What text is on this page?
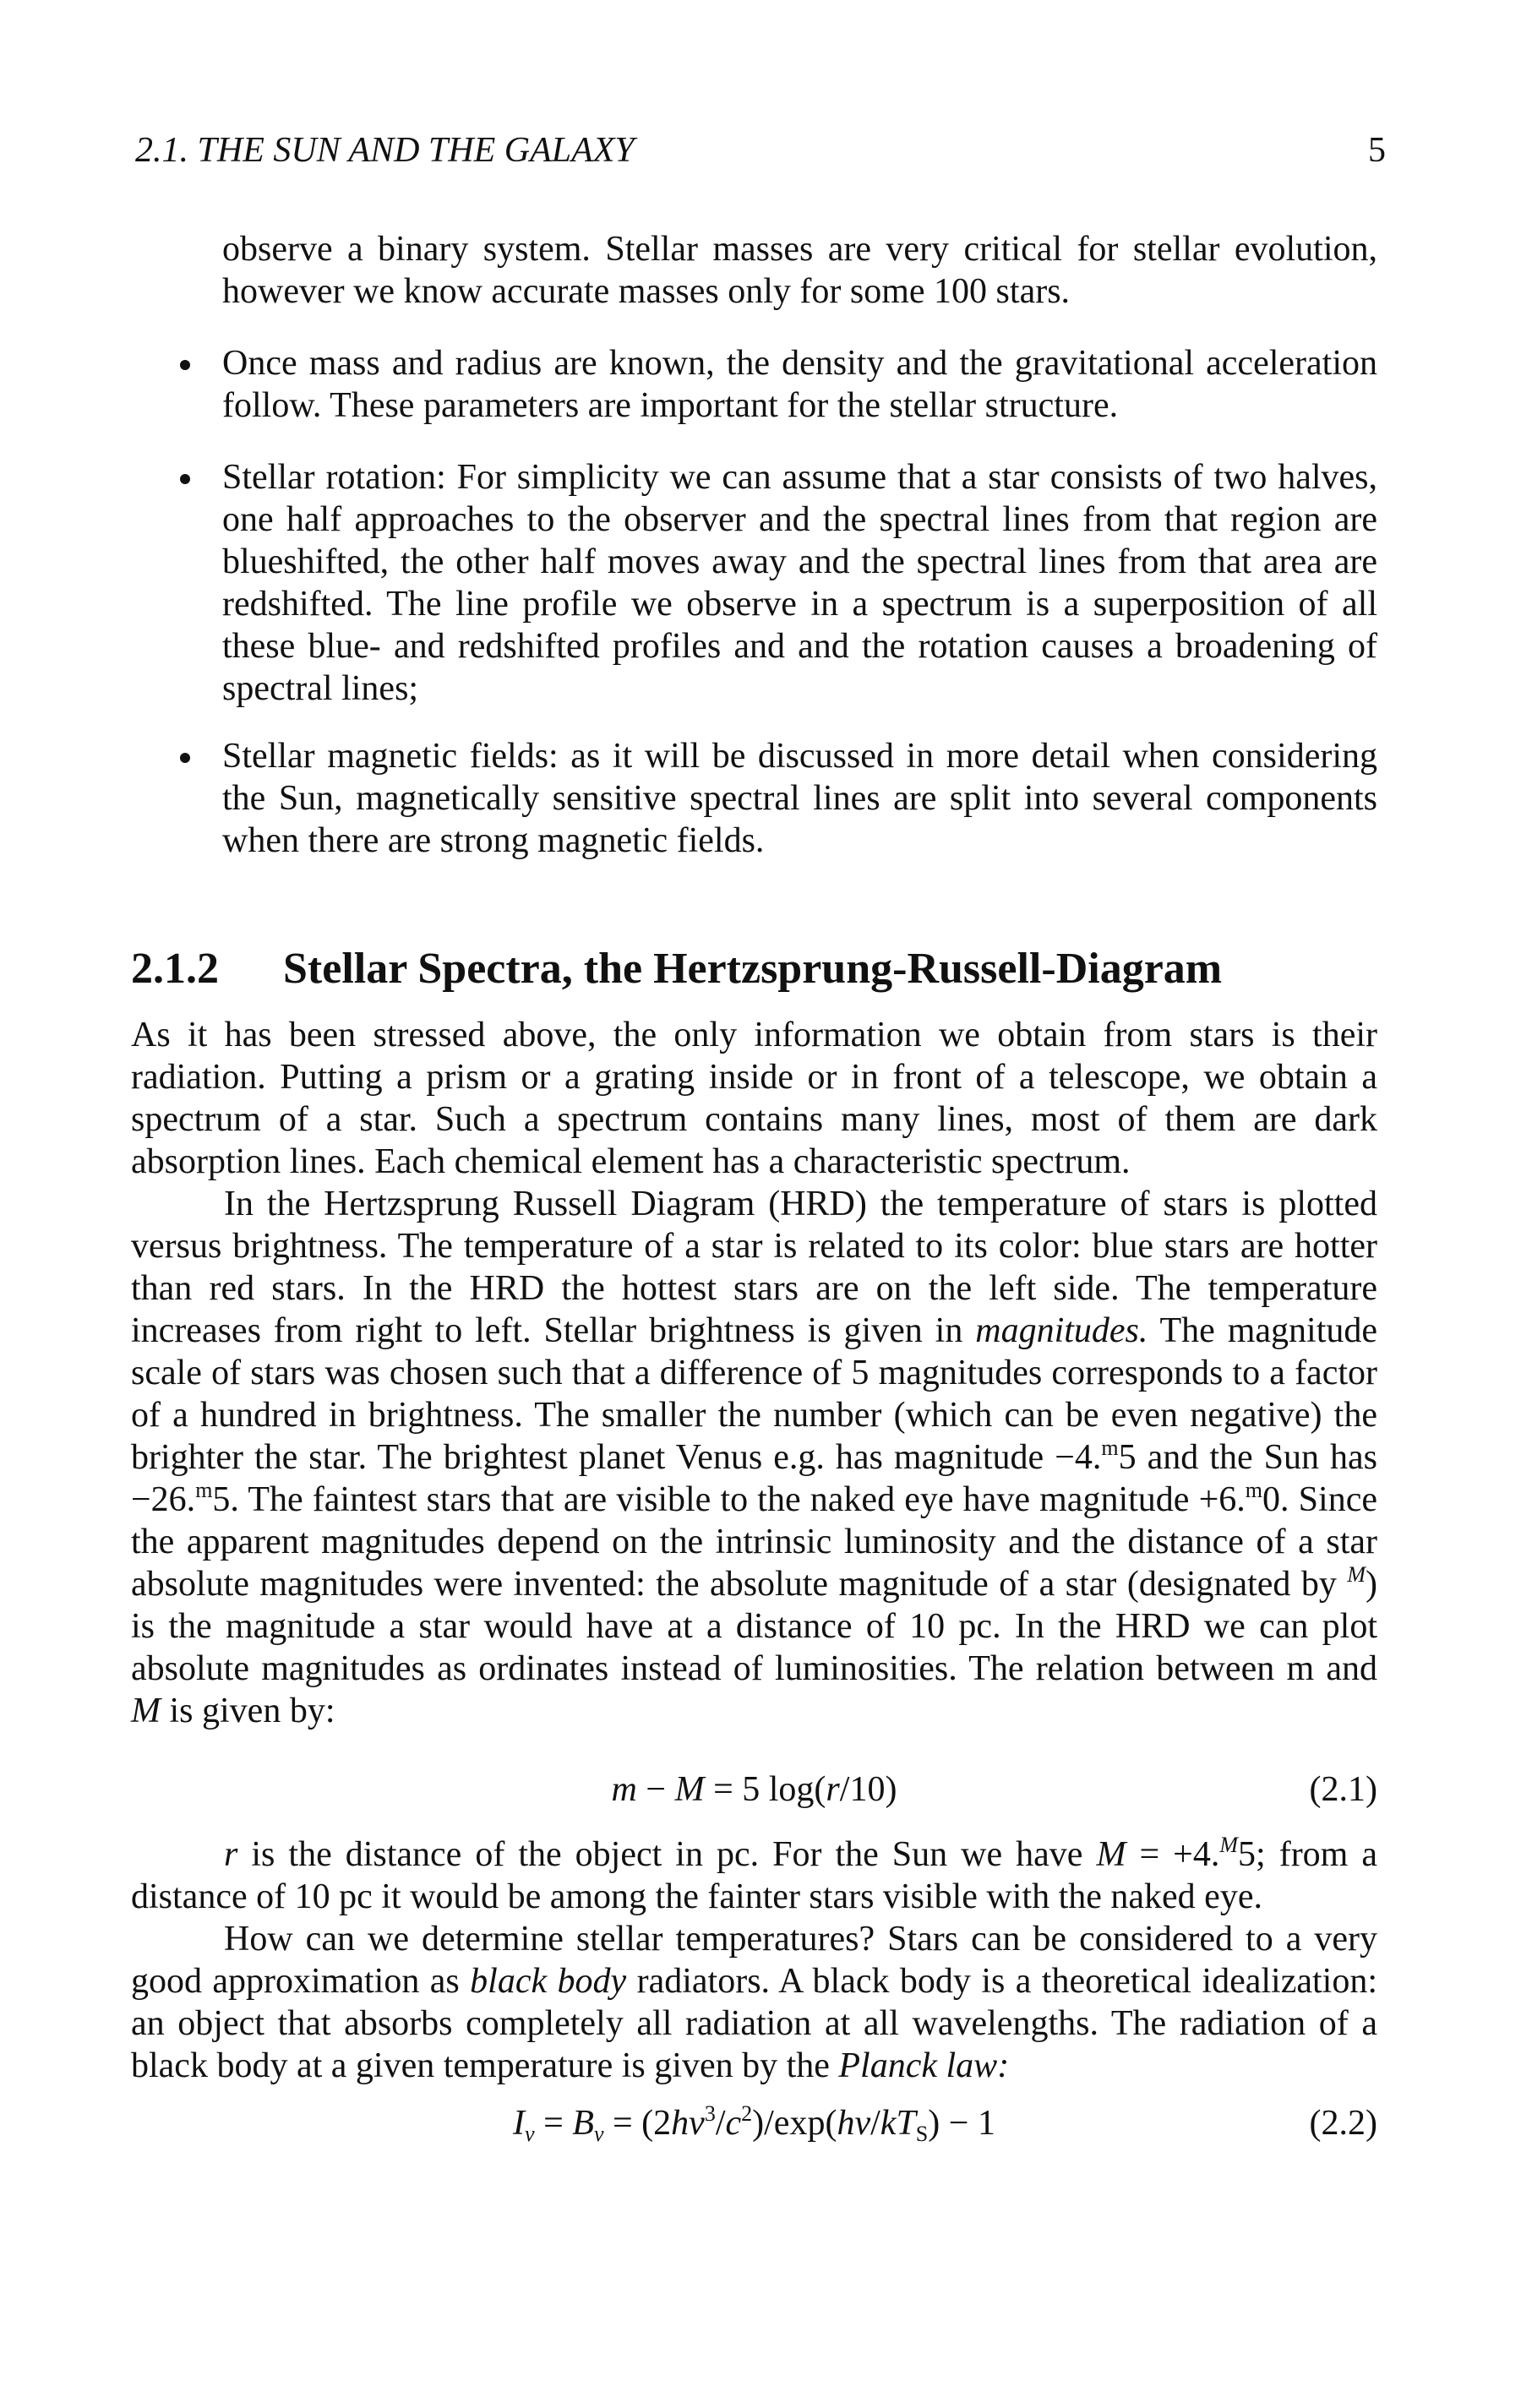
2.1. THE SUN AND THE GALAXY	5
observe a binary system. Stellar masses are very critical for stellar evolution, however we know accurate masses only for some 100 stars.
Once mass and radius are known, the density and the gravitational acceleration follow. These parameters are important for the stellar structure.
Stellar rotation: For simplicity we can assume that a star consists of two halves, one half approaches to the observer and the spectral lines from that region are blueshifted, the other half moves away and the spectral lines from that area are redshifted. The line profile we observe in a spectrum is a superposition of all these blue- and redshifted profiles and and the rotation causes a broadening of spectral lines;
Stellar magnetic fields: as it will be discussed in more detail when considering the Sun, magnetically sensitive spectral lines are split into several components when there are strong magnetic fields.
2.1.2 Stellar Spectra, the Hertzsprung-Russell-Diagram
As it has been stressed above, the only information we obtain from stars is their radiation. Putting a prism or a grating inside or in front of a telescope, we obtain a spectrum of a star. Such a spectrum contains many lines, most of them are dark absorption lines. Each chemical element has a characteristic spectrum.
In the Hertzsprung Russell Diagram (HRD) the temperature of stars is plotted versus brightness. The temperature of a star is related to its color: blue stars are hotter than red stars. In the HRD the hottest stars are on the left side. The temperature increases from right to left. Stellar brightness is given in magnitudes. The magnitude scale of stars was chosen such that a difference of 5 magnitudes corresponds to a factor of a hundred in brightness. The smaller the number (which can be even negative) the brighter the star. The brightest planet Venus e.g. has magnitude −4.$^m$5 and the Sun has −26.$^m$5. The faintest stars that are visible to the naked eye have magnitude +6.$^m$0. Since the apparent magnitudes depend on the intrinsic luminosity and the distance of a star absolute magnitudes were invented: the absolute magnitude of a star (designated by $^M$) is the magnitude a star would have at a distance of 10 pc. In the HRD we can plot absolute magnitudes as ordinates instead of luminosities. The relation between m and M is given by:
m − M = 5 log(r/10)	(2.1)
r is the distance of the object in pc. For the Sun we have M = +4.$^M$5; from a distance of 10 pc it would be among the fainter stars visible with the naked eye.
How can we determine stellar temperatures? Stars can be considered to a very good approximation as black body radiators. A black body is a theoretical idealization: an object that absorbs completely all radiation at all wavelengths. The radiation of a black body at a given temperature is given by the Planck law:
$I_\nu = B_\nu = (2h\nu^3/c^2)/\exp(h\nu/kT_S) - 1$	(2.2)
